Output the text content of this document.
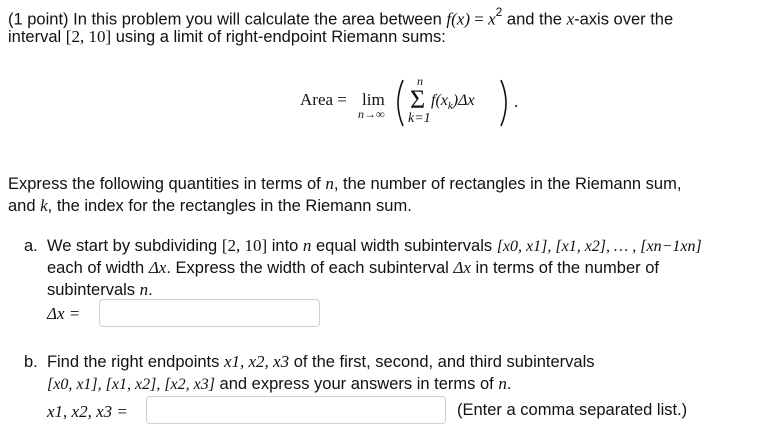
(1 point) In this problem you will calculate the area between $f(x) = x^2$ and the x-axis over the
interval [2, 10] using a limit of right-endpoint Riemann sums:
Area = lim
n→∞
n
Σ
k=1
$f(x_k)\Delta x$ .
Express the following quantities in terms of n, the number of rectangles in the Riemann sum,
and k, the index for the rectangles in the Riemann sum.
a. We start by subdividing [2, 10] into n equal width subintervals [x0, x1], [x1, x2], … , [xn−1xn]
each of width Δx. Express the width of each subinterval Δx in terms of the number of
subintervals n.
Δx =
b. Find the right endpoints x1, x2, x3 of the first, second, and third subintervals
[x0, x1], [x1, x2], [x2, x3] and express your answers in terms of n.
x1, x2, x3 =	(Enter a comma separated list.)
